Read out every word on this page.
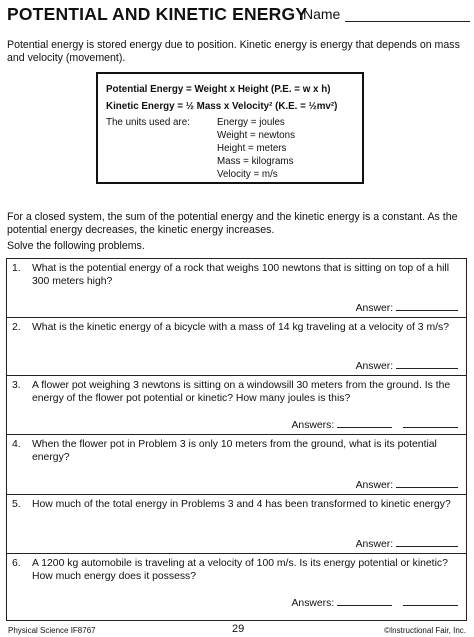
POTENTIAL AND KINETIC ENERGY
Name
Potential energy is stored energy due to position. Kinetic energy is energy that depends on mass and velocity (movement).
Potential Energy = Weight x Height (P.E. = w x h)
Kinetic Energy = ½ Mass x Velocity² (K.E. = ½mv²)
The units used are:	Energy = joules
Weight = newtons
Height = meters
Mass = kilograms
Velocity = m/s
For a closed system, the sum of the potential energy and the kinetic energy is a constant. As the potential energy decreases, the kinetic energy increases.
Solve the following problems.
1. What is the potential energy of a rock that weighs 100 newtons that is sitting on top of a hill 300 meters high?
Answer:
2. What is the kinetic energy of a bicycle with a mass of 14 kg traveling at a velocity of 3 m/s?
Answer:
3. A flower pot weighing 3 newtons is sitting on a windowsill 30 meters from the ground. Is the energy of the flower pot potential or kinetic? How many joules is this?
Answers:
4. When the flower pot in Problem 3 is only 10 meters from the ground, what is its potential energy?
Answer:
5. How much of the total energy in Problems 3 and 4 has been transformed to kinetic energy?
Answer:
6. A 1200 kg automobile is traveling at a velocity of 100 m/s. Is its energy potential or kinetic? How much energy does it possess?
Answers:
Physical Science IF8767	29	©Instructional Fair, Inc.
